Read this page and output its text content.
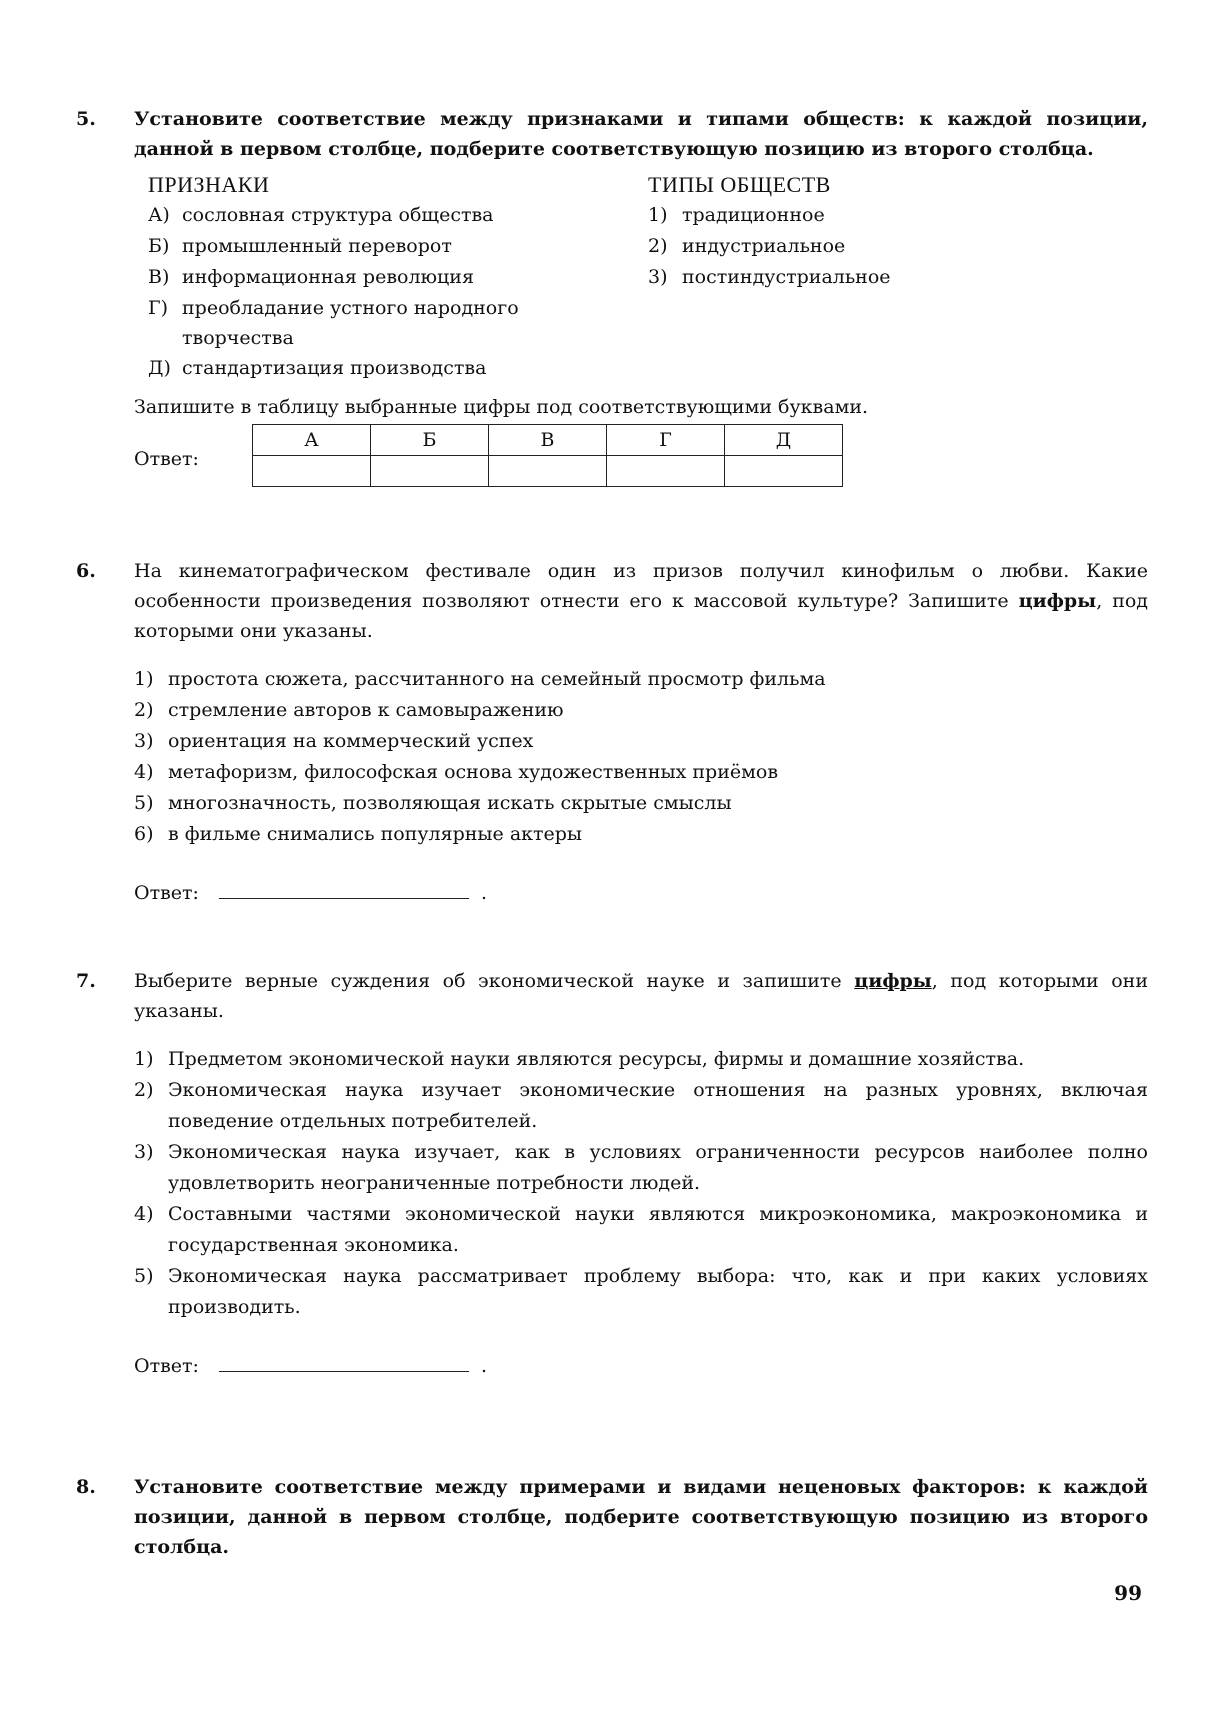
5. Установите соответствие между признаками и типами обществ: к каждой позиции, данной в первом столбце, подберите соответствующую позицию из второго столбца.

ПРИЗНАКИ
А) сословная структура общества
Б) промышленный переворот
В) информационная революция
Г) преобладание устного народного творчества
Д) стандартизация производства
ТИПЫ ОБЩЕСТВ
1) традиционное
2) индустриальное
3) постиндустриальное
Запишите в таблицу выбранные цифры под соответствующими буквами.
Ответ:
А	Б	В	Г	Д

6. На кинематографическом фестивале один из призов получил кинофильм о любви. Какие особенности произведения позволяют отнести его к массовой культуре? Запишите цифры, под которыми они указаны.

1) простота сюжета, рассчитанного на семейный просмотр фильма
2) стремление авторов к самовыражению
3) ориентация на коммерческий успех
4) метафоризм, философская основа художественных приёмов
5) многозначность, позволяющая искать скрытые смыслы
6) в фильме снимались популярные актеры
Ответ:	.
7. Выберите верные суждения об экономической науке и запишите цифры, под которыми они указаны.

1) Предметом экономической науки являются ресурсы, фирмы и домашние хозяйства.
2) Экономическая наука изучает экономические отношения на разных уровнях, включая поведение отдельных потребителей.
3) Экономическая наука изучает, как в условиях ограниченности ресурсов наиболее полно удовлетворить неограниченные потребности людей.
4) Составными частями экономической науки являются микроэкономика, макроэкономика и государственная экономика.
5) Экономическая наука рассматривает проблему выбора: что, как и при каких условиях производить.
Ответ:	.
8. Установите соответствие между примерами и видами неценовых факторов: к каждой позиции, данной в первом столбце, подберите соответствующую позицию из второго столбца.

99
